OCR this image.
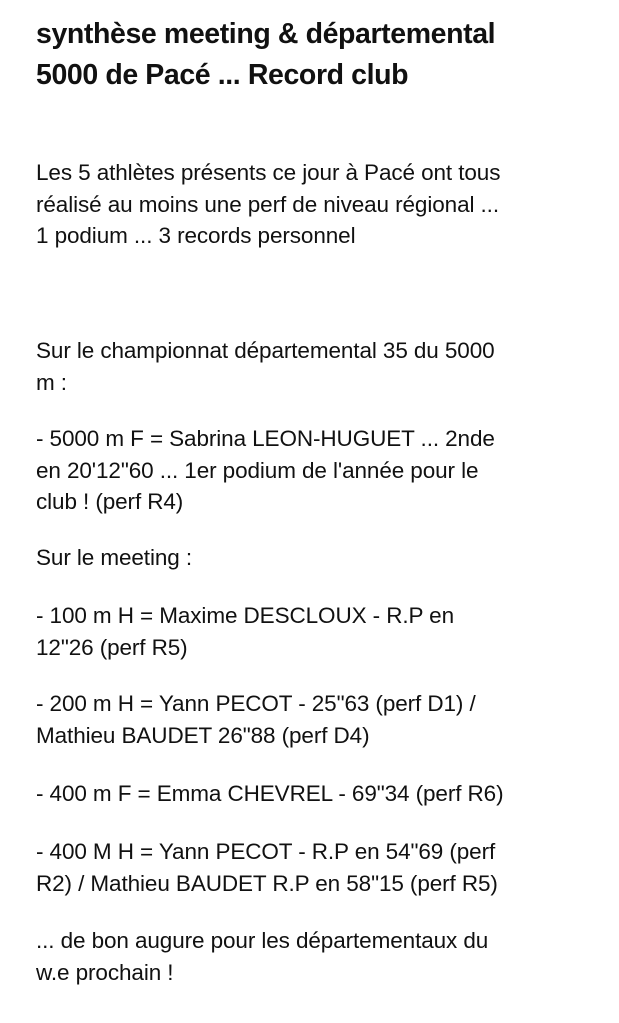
synthèse meeting & départemental
5000 de Pacé ... Record club

Les 5 athlètes présents ce jour à Pacé ont tous
réalisé au moins une perf de niveau régional ...
1 podium ... 3 records personnel

Sur le championnat départemental 35 du 5000
m :

- 5000 m F = Sabrina LEON-HUGUET ... 2nde
en 20'12"60 ... 1er podium de l'année pour le
club ! (perf R4)

Sur le meeting :

- 100 m H = Maxime DESCLOUX - R.P en
12"26 (perf R5)

- 200 m H = Yann PECOT - 25"63 (perf D1) /
Mathieu BAUDET 26"88 (perf D4)

- 400 m F = Emma CHEVREL - 69"34 (perf R6)

- 400 M H = Yann PECOT - R.P en 54"69 (perf
R2) / Mathieu BAUDET R.P en 58"15 (perf R5)

... de bon augure pour les départementaux du
w.e prochain !
